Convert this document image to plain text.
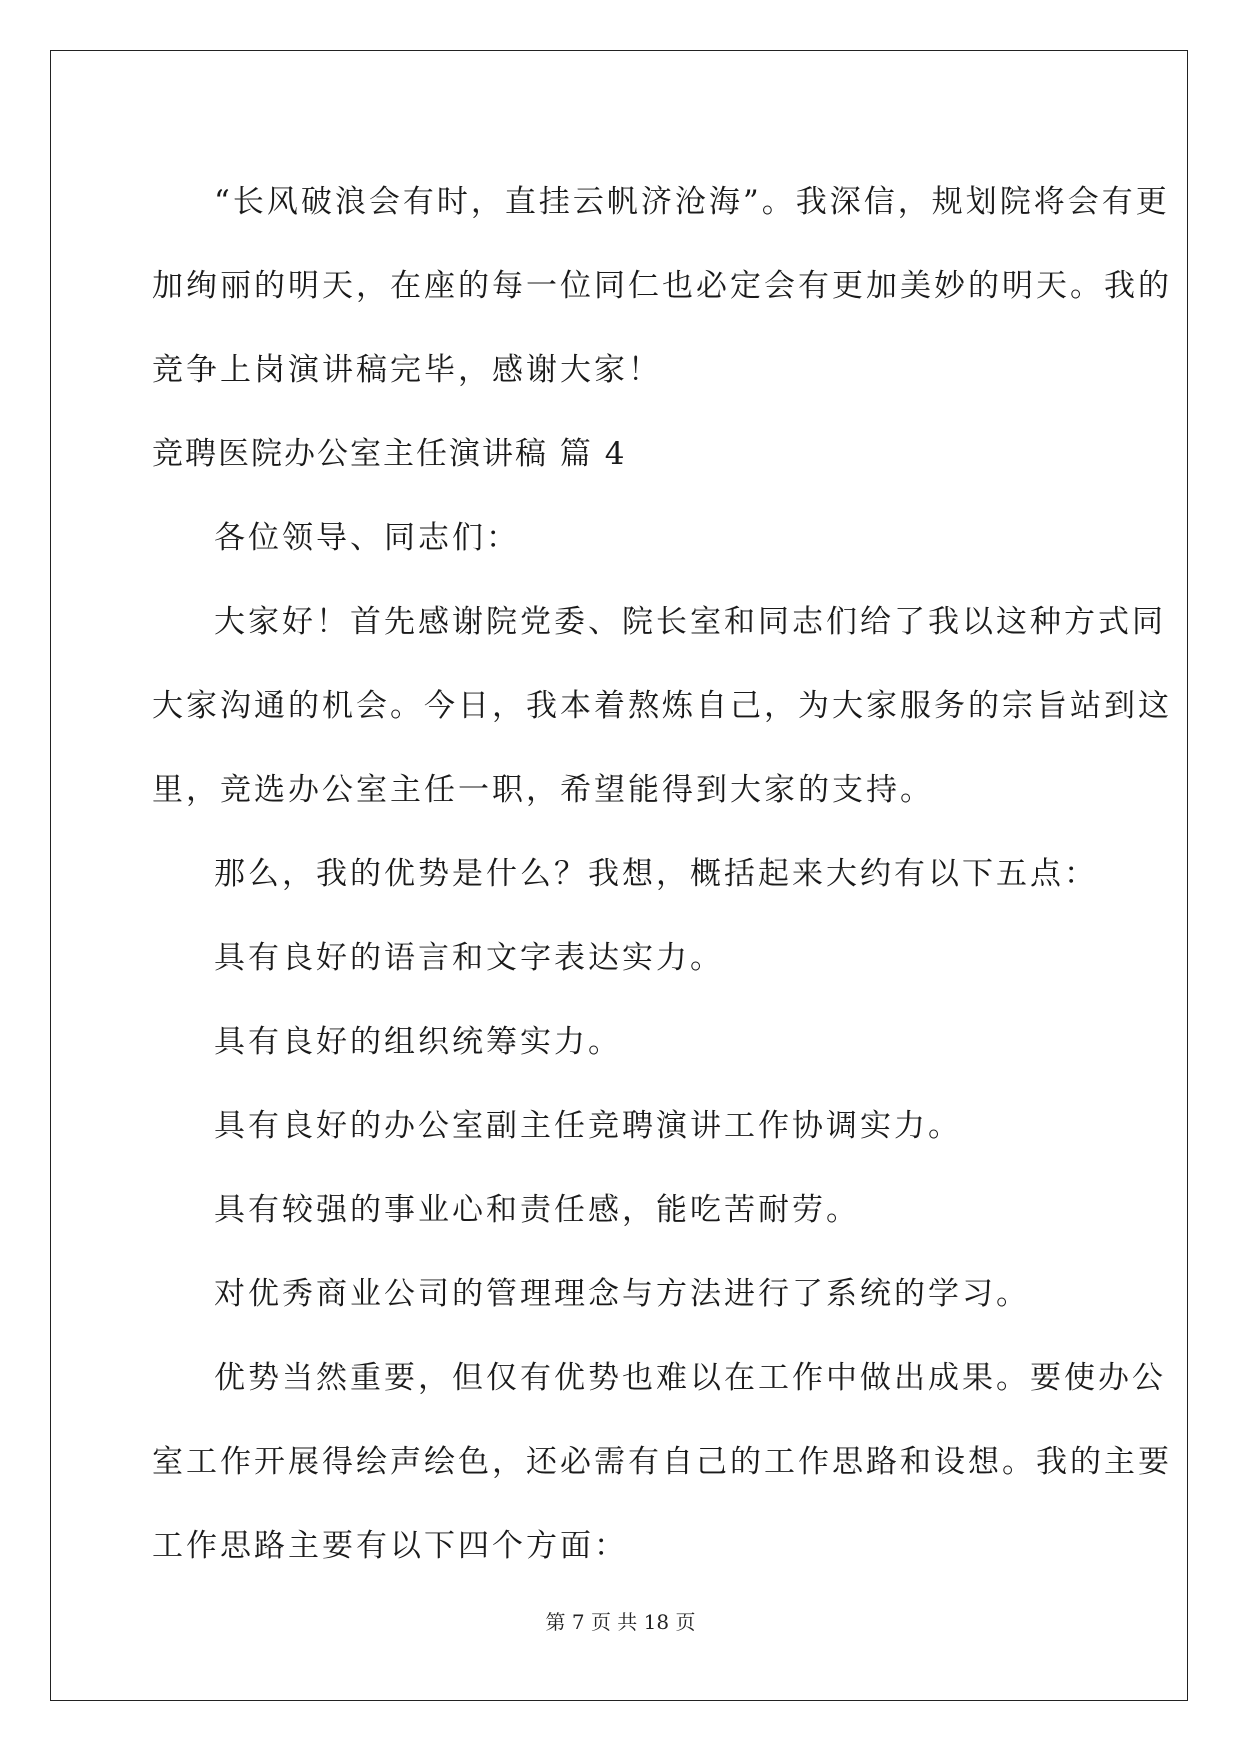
“长风破浪会有时，直挂云帆济沧海”。我深信，规划院将会有更
加绚丽的明天，在座的每一位同仁也必定会有更加美妙的明天。我的
竞争上岗演讲稿完毕，感谢大家！
竞聘医院办公室主任演讲稿 篇 4
各位领导、同志们：
大家好！首先感谢院党委、院长室和同志们给了我以这种方式同
大家沟通的机会。今日，我本着熬炼自己，为大家服务的宗旨站到这
里，竞选办公室主任一职，希望能得到大家的支持。
那么，我的优势是什么？我想，概括起来大约有以下五点：
具有良好的语言和文字表达实力。
具有良好的组织统筹实力。
具有良好的办公室副主任竞聘演讲工作协调实力。
具有较强的事业心和责任感，能吃苦耐劳。
对优秀商业公司的管理理念与方法进行了系统的学习。
优势当然重要，但仅有优势也难以在工作中做出成果。要使办公
室工作开展得绘声绘色，还必需有自己的工作思路和设想。我的主要
工作思路主要有以下四个方面：
第 7 页 共 18 页
